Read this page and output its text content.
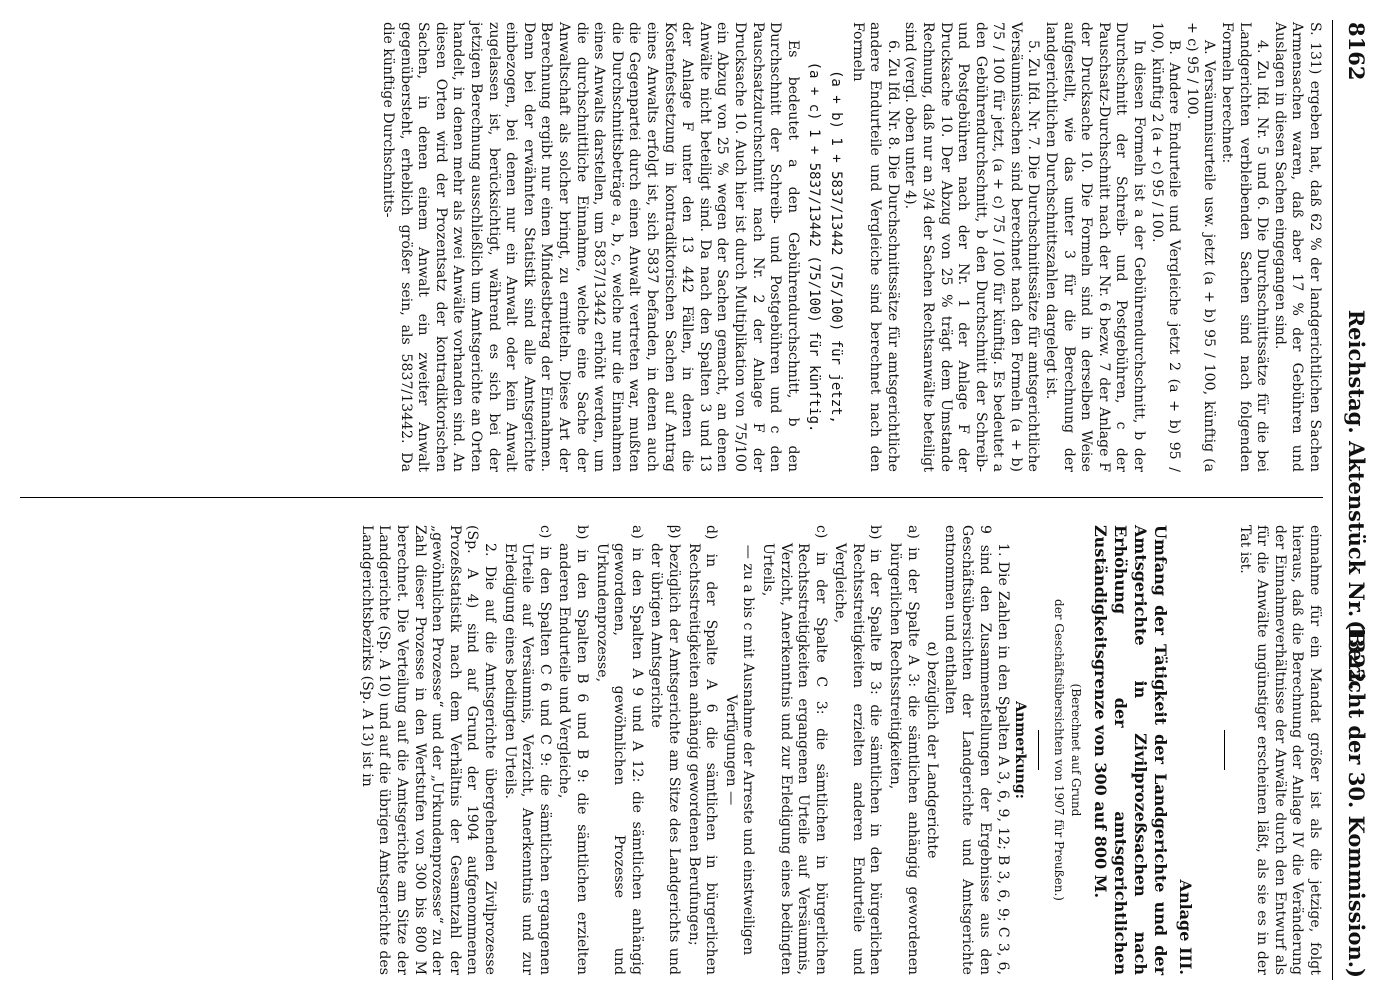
8162
Reichstag. Aktenstück Nr. 1322.
(Bericht der 30. Kommission.)

S. 131) ergeben hat, daß 62 % der landgerichtlichen Sachen Armensachen waren, daß aber 17 % der Gebühren und Auslagen in diesen Sachen eingegangen sind.

4. Zu lfd. Nr. 5 und 6. Die Durchschnittssätze für die bei Landgerichten verbleibenden Sachen sind nach folgenden Formeln berechnet:

A. Versäumnisurteile usw. jetzt (a + b) 95 / 100, künftig (a + c) 95 / 100.

B. Andere Endurteile und Vergleiche jetzt 2 (a + b) 95 / 100, künftig 2 (a + c) 95 / 100.

In diesen Formeln ist a der Gebührendurchschnitt, b der Durchschnitt der Schreib- und Postgebühren, c der Pauschsatz-Durchschnitt nach der Nr. 6 bezw. 7 der Anlage F der Drucksache 10. Die Formeln sind in derselben Weise aufgestellt, wie das unter 3 für die Berechnung der landgerichtlichen Durchschnittszahlen dargelegt ist.

5. Zu lfd. Nr. 7. Die Durchschnittssätze für amtsgerichtliche Versäumnissachen sind berechnet nach den Formeln (a + b) 75 / 100 für jetzt, (a + c) 75 / 100 für künftig. Es bedeutet a den Gebührendurchschnitt, b den Durchschnitt der Schreib- und Postgebühren nach der Nr. 1 der Anlage F der Drucksache 10. Der Abzug von 25 % trägt dem Umstande Rechnung, daß nur an 3/4 der Sachen Rechtsanwälte beteiligt sind (vergl. oben unter 4).

6. Zu lfd. Nr. 8. Die Durchschnittssätze für amtsgerichtliche andere Endurteile und Vergleiche sind berechnet nach den Formeln

(a + b) 1 + 5837/13442 (75/100) für jetzt,
(a + c) 1 + 5837/13442 (75/100) für künftig.

Es bedeutet a den Gebührendurchschnitt, b den Durchschnitt der Schreib- und Postgebühren und c den Pauschsatzdurchschnitt nach Nr. 2 der Anlage F der Drucksache 10. Auch hier ist durch Multiplikation von 75/100 ein Abzug von 25 % wegen der Sachen gemacht, an denen Anwälte nicht beteiligt sind. Da nach den Spalten 3 und 13 der Anlage F unter den 13 442 Fällen, in denen die Kostenfestsetzung in kontradiktorischen Sachen auf Antrag eines Anwalts erfolgt ist, sich 5837 befanden, in denen auch die Gegenpartei durch einen Anwalt vertreten war, mußten die Durchschnittsbeträge a, b, c, welche nur die Einnahmen eines Anwalts darstellen, um 5837/13442 erhöht werden, um die durchschnittliche Einnahme, welche eine Sache der Anwaltschaft als solcher bringt, zu ermitteln. Diese Art der Berechnung ergibt nur einen Mindestbetrag der Einnahmen. Denn bei der erwähnten Statistik sind alle Amtsgerichte einbezogen, bei denen nur ein Anwalt oder kein Anwalt zugelassen ist, berücksichtigt, während es sich bei der jetzigen Berechnung ausschließlich um Amtsgerichte an Orten handelt, in denen mehr als zwei Anwälte vorhanden sind. An diesen Orten wird der Prozentsatz der kontradiktorischen Sachen, in denen einem Anwalt ein zweiter Anwalt gegenübersteht, erheblich größer sein, als 5837/13442. Da die künftige Durchschnitts-

einnahme für ein Mandat größer ist als die jetzige, folgt hieraus, daß die Berechnung der Anlage IV die Veränderung der Einnahmeverhältnisse der Anwälte durch den Entwurf als für die Anwälte ungünstiger erscheinen läßt, als sie es in der Tat ist.

Anlage III.
Umfang der Tätigkeit der Landgerichte und der Amtsgerichte in Zivilprozeßsachen nach Erhöhung der amtsgerichtlichen Zuständigkeitsgrenze von 300 auf 800 M.
(Berechnet auf Grund
der Geschäftsübersichten von 1907 für Preußen.)
Anmerkung:

1. Die Zahlen in den Spalten A 3, 6, 9, 12; B 3, 6, 9; C 3, 6, 9 sind den Zusammenstellungen der Ergebnisse aus den Geschäftsübersichten der Landgerichte und Amtsgerichte entnommen und enthalten

α) bezüglich der Landgerichte
a) in der Spalte A 3: die sämtlichen anhängig gewordenen bürgerlichen Rechtsstreitigkeiten,
b) in der Spalte B 3: die sämtlichen in den bürgerlichen Rechtsstreitigkeiten erzielten anderen Endurteile und Vergleiche,
c) in der Spalte C 3: die sämtlichen in bürgerlichen Rechtsstreitigkeiten ergangenen Urteile auf Versäumnis, Verzicht, Anerkenntnis und zur Erledigung eines bedingten Urteils,
— zu a bis c mit Ausnahme der Arreste und einstweiligen Verfügungen —
d) in der Spalte A 6 die sämtlichen in bürgerlichen Rechtsstreitigkeiten anhängig gewordenen Berufungen;
β) bezüglich der Amtsgerichte am Sitze des Landgerichts und der übrigen Amtsgerichte
a) in den Spalten A 9 und A 12: die sämtlichen anhängig gewordenen, gewöhnlichen Prozesse und Urkundenprozesse,
b) in den Spalten B 6 und B 9: die sämtlichen erzielten anderen Endurteile und Vergleiche,
c) in den Spalten C 6 und C 9: die sämtlichen ergangenen Urteile auf Versäumnis, Verzicht, Anerkenntnis und zur Erledigung eines bedingten Urteils.

2. Die auf die Amtsgerichte übergehenden Zivilprozesse (Sp. A 4) sind auf Grund der 1904 aufgenommenen Prozeßstatistik nach dem Verhältnis der Gesamtzahl der „gewöhnlichen Prozesse“ und der „Urkundenprozesse“ zu der Zahl dieser Prozesse in den Wertstufen von 300 bis 800 M berechnet. Die Verteilung auf die Amtsgerichte am Sitze der Landgerichte (Sp. A 10) und auf die übrigen Amtsgerichte des Landgerichtsbezirks (Sp. A 13) ist in
